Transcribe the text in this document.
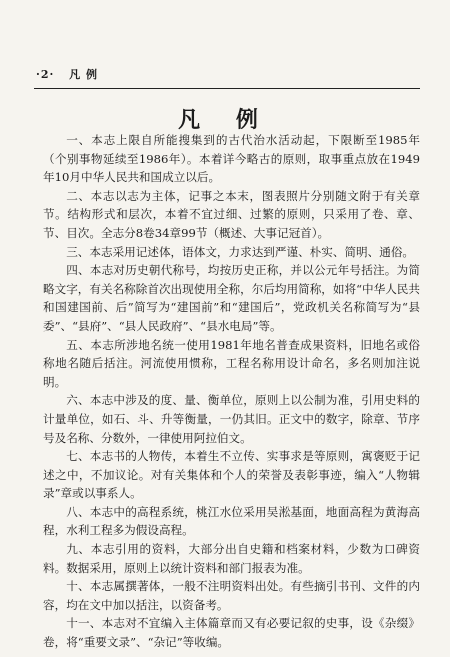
·2· 凡 例
凡 例

一、本志上限自所能搜集到的古代治水活动起，下限断至1985年（个别事物延续至1986年）。本着详今略古的原则，取事重点放在1949年10月中华人民共和国成立以后。

二、本志以志为主体，记事之本末，图表照片分别随文附于有关章节。结构形式和层次，本着不宜过细、过繁的原则，只采用了卷、章、节、目次。全志分8卷34章99节（概述、大事记冠首）。

三、本志采用记述体，语体文，力求达到严谨、朴实、简明、通俗。

四、本志对历史朝代称号，均按历史正称，并以公元年号括注。为简略文字，有关名称除首次出现使用全称，尔后均用简称，如将“中华人民共和国建国前、后”简写为“建国前”和“建国后”，党政机关名称简写为“县委”、“县府”、“县人民政府”、“县水电局”等。

五、本志所涉地名统一使用1981年地名普查成果资料，旧地名或俗称地名随后括注。河流使用惯称，工程名称用设计命名，多名则加注说明。

六、本志中涉及的度、量、衡单位，原则上以公制为准，引用史料的计量单位，如石、斗、升等衡量，一仍其旧。正文中的数字，除章、节序号及名称、分数外，一律使用阿拉伯文。

七、本志书的人物传，本着生不立传、实事求是等原则，寓褒贬于记述之中，不加议论。对有关集体和个人的荣誉及表彰事迹，编入“人物辑录”章或以事系人。

八、本志中的高程系统，桃江水位采用吴淞基面，地面高程为黄海高程，水利工程多为假设高程。

九、本志引用的资料，大部分出自史籍和档案材料，少数为口碑资料。数据采用，原则上以统计资料和部门报表为准。

十、本志属撰著体，一般不注明资料出处。有些摘引书刊、文件的内容，均在文中加以括注，以资备考。

十一、本志对不宜编入主体篇章而又有必要记叙的史事，设《杂缀》卷，将“重要文录”、“杂记”等收编。
